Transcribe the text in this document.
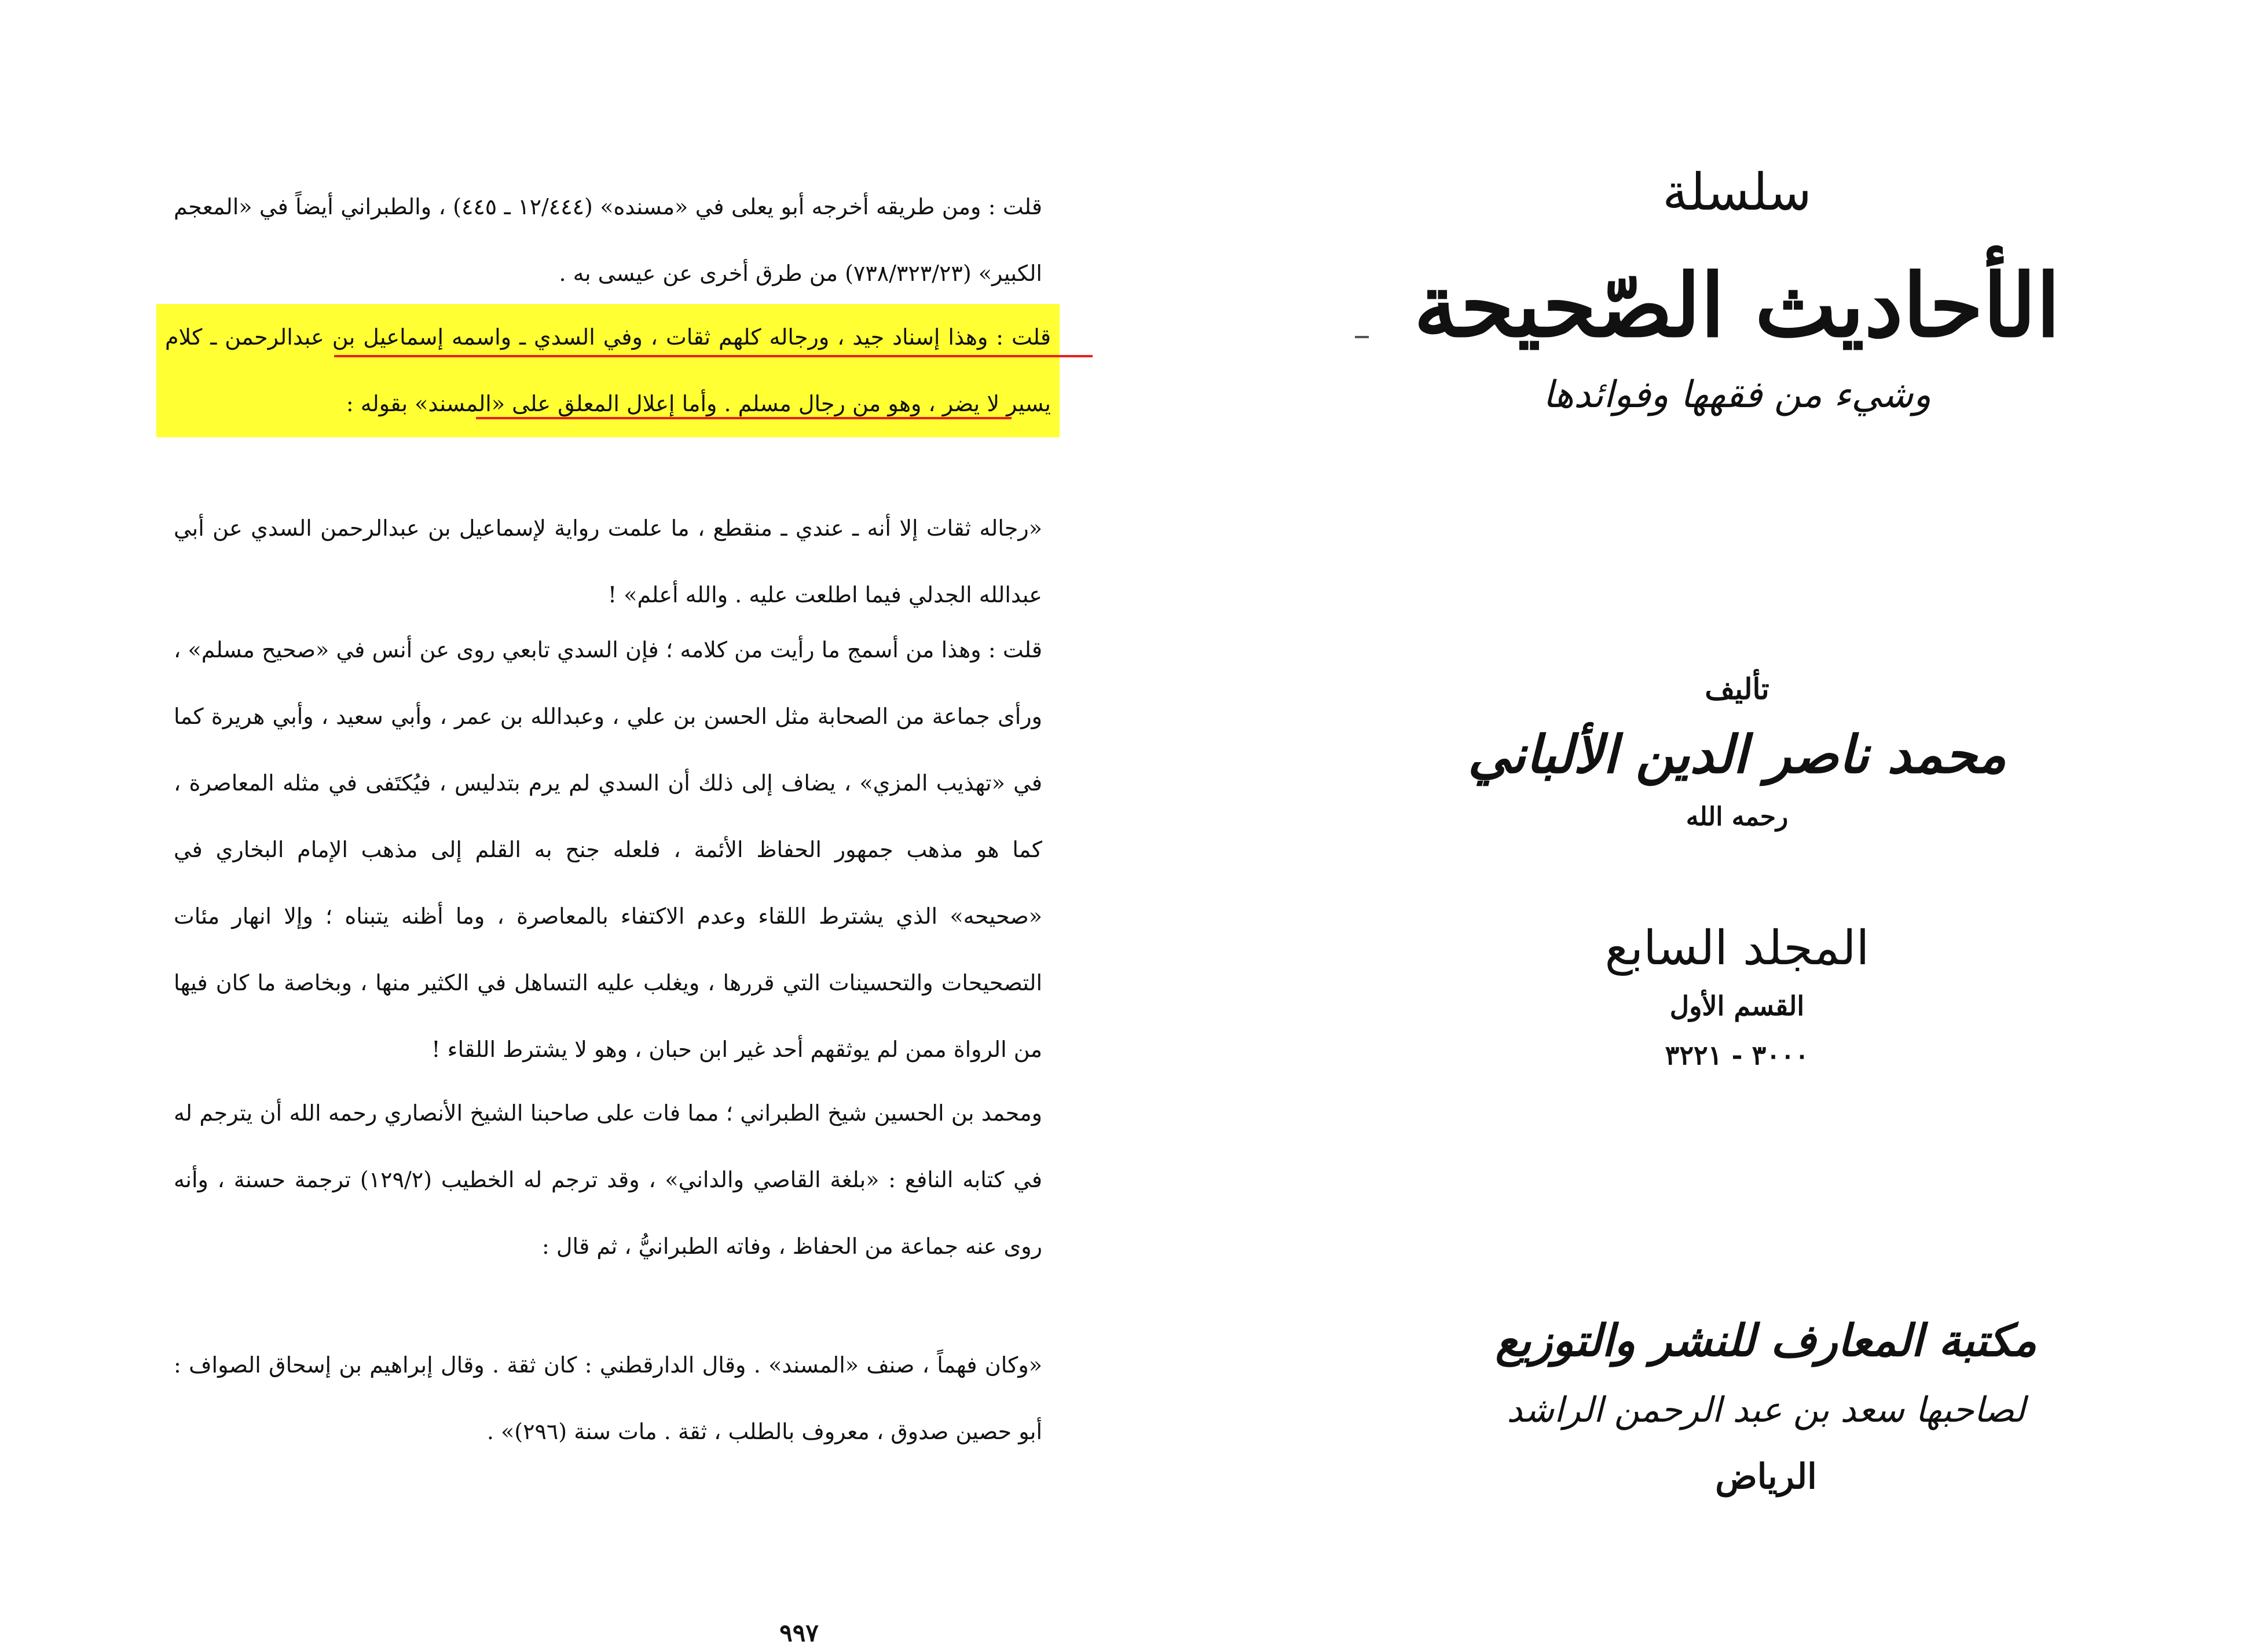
قلت : ومن طريقه أخرجه أبو يعلى في «مسنده» (١٢/٤٤٤ ـ ٤٤٥) ، والطبراني أيضاً في «المعجم الكبير» (٧٣٨/٣٢٣/٢٣) من طرق أخرى عن عيسى به .

قلت : وهذا إسناد جيد ، ورجاله كلهم ثقات ، وفي السدي ـ واسمه إسماعيل بن عبدالرحمن ـ كلام يسير لا يضر ، وهو من رجال مسلم . وأما إعلال المعلق على «المسند» بقوله :

«رجاله ثقات إلا أنه ـ عندي ـ منقطع ، ما علمت رواية لإسماعيل بن عبدالرحمن السدي عن أبي عبدالله الجدلي فيما اطلعت عليه . والله أعلم» !

قلت : وهذا من أسمج ما رأيت من كلامه ؛ فإن السدي تابعي روى عن أنس في «صحيح مسلم» ، ورأى جماعة من الصحابة مثل الحسن بن علي ، وعبدالله بن عمر ، وأبي سعيد ، وأبي هريرة كما في «تهذيب المزي» ، يضاف إلى ذلك أن السدي لم يرم بتدليس ، فيُكتَفى في مثله المعاصرة ، كما هو مذهب جمهور الحفاظ الأئمة ، فلعله جنح به القلم إلى مذهب الإمام البخاري في «صحيحه» الذي يشترط اللقاء وعدم الاكتفاء بالمعاصرة ، وما أظنه يتبناه ؛ وإلا انهار مئات التصحيحات والتحسينات التي قررها ، ويغلب عليه التساهل في الكثير منها ، وبخاصة ما كان فيها من الرواة ممن لم يوثقهم أحد غير ابن حبان ، وهو لا يشترط اللقاء !

ومحمد بن الحسين شيخ الطبراني ؛ مما فات على صاحبنا الشيخ الأنصاري رحمه الله أن يترجم له في كتابه النافع : «بلغة القاصي والداني» ، وقد ترجم له الخطيب (١٢٩/٢) ترجمة حسنة ، وأنه روى عنه جماعة من الحفاظ ، وفاته الطبرانيُّ ، ثم قال :

«وكان فهماً ، صنف «المسند» . وقال الدارقطني : كان ثقة . وقال إبراهيم بن إسحاق الصواف : أبو حصين صدوق ، معروف بالطلب ، ثقة . مات سنة (٢٩٦)» .

٩٩٧
سلسلة
الأحاديث الصّحيحة
وشيء من فقهها وفوائدها
تأليف
محمد ناصر الدين الألباني
رحمه الله
المجلد السابع
القسم الأول
٣٠٠٠ - ٣٢٢١
مكتبة المعارف للنشر والتوزيع
لصاحبها سعد بن عبد الرحمن الراشد
الرياض
